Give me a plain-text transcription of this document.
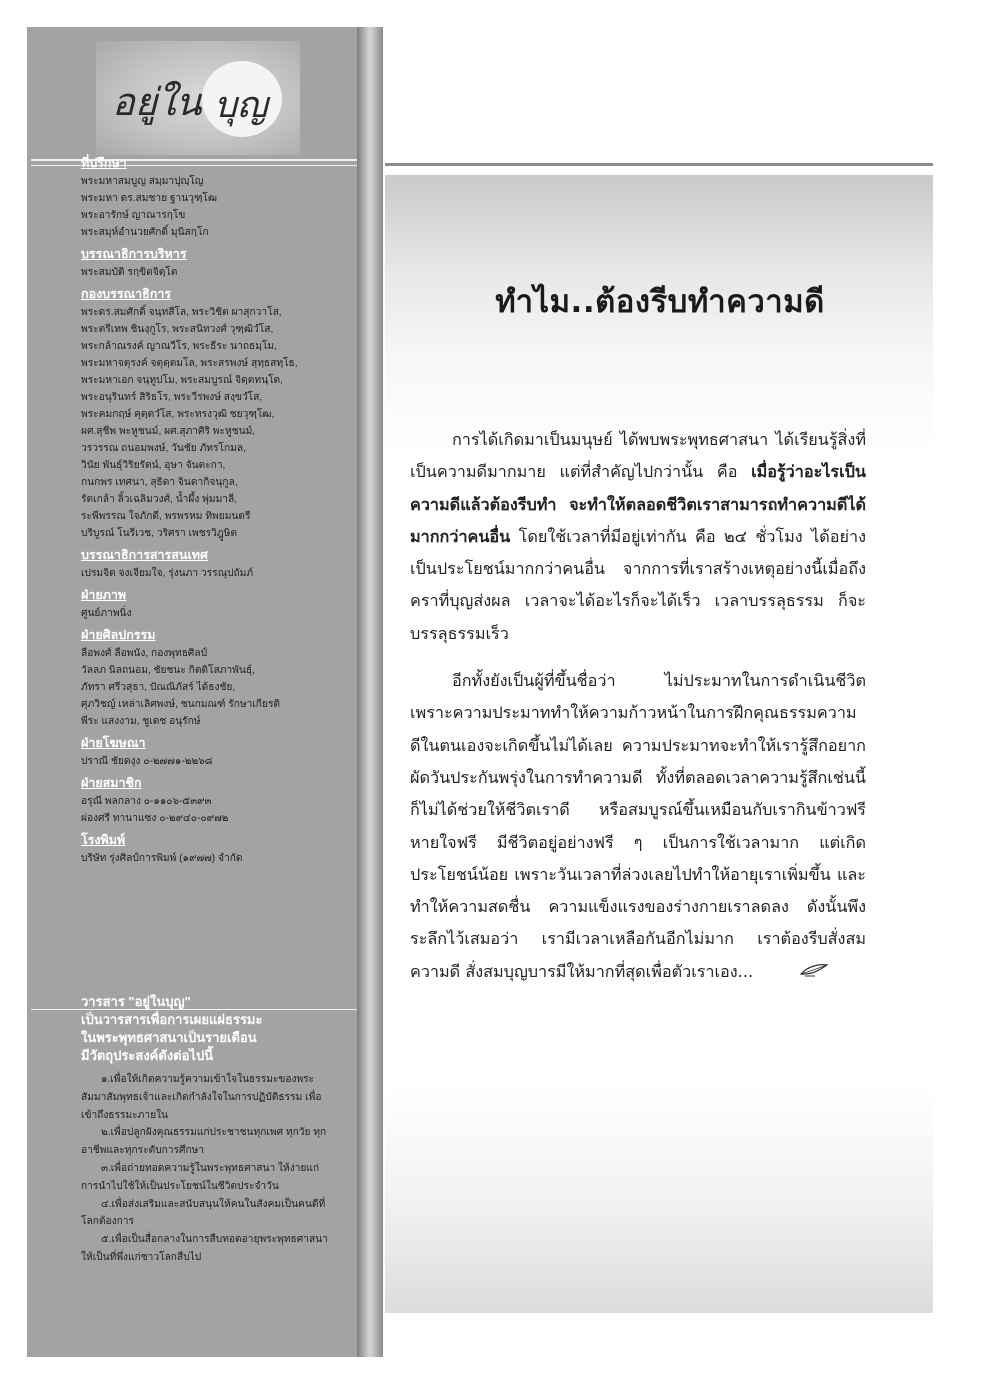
อยู่ใน บุญ
ที่ปรึกษา
พระมหาสมบูญ สมฺมาปุญฺโญ
พระมหา ดร.สมชาย ฐานวุฑฺโฒ
พระอารักษ์ ญาณารกฺโข
พระสมุห์อำนวยศักดิ์ มุนิสกฺโก
บรรณาธิการบริหาร
พระสมบัติ รกฺขิตจิตฺโต
กองบรรณาธิการ
พระดร.สมศักดิ์ จนฺทสีโล, พระวิชิต ผาสุกวาโส,
พระตรีเทพ ชินงฺกูโร, พระสนิทวงศ์ วุฑฺฒิวํโส,
พระกล้าณรงค์ ญาณวีโร, พระธีระ นาถธมฺโม,
พระมหาจตุรงค์ จตุตฺตมโล, พระสรพงษ์ สุทฺธสทฺโธ,
พระมหาเอก จนฺทูปโม, พระสมบูรณ์ จิตฺตทนฺโต,
พระอนุรินทร์ สิริธโร, พระวีรพงษ์ สงฺขวํโส,
พระคมกฤษ์ คุตฺตวํโส, พระทรงวุฒิ ชยวุฑฺโฒ,
ผศ.สุชีพ พะหูชนม์, ผศ.สุภาศิริ พะหูชนม์,
วรวรรณ ถนอมพงษ์, วันชัย ภัทรโกมล,
วินัย พันธุ์วิริยรัตน์, อุษา จันดะกา,
กนกพร เทศนา, สุธิดา จินดากิจนุกูล,
รัตเกล้า ลิ้วเฉลิมวงศ์, น้ำผึ้ง พุ่มมาลี,
ระพีพรรณ ใจภักดี, พรพรหม ทิพยมนตรี
บริบูรณ์ โนรีเวช, วริศรา เพชรวิฎูษิต
บรรณาธิการสารสนเทศ
เปรมจิต จงเจียมใจ, รุ่งนภา วรรณุปถัมภ์
ฝ่ายภาพ
ศูนย์ภาพนิ่ง
ฝ่ายศิลปกรรม
ลือพงศ์ ลือพนัง, กองพุทธศิลป์
วัลลภ นิลถนอม, ชัยชนะ กิตติโสภาพันธุ์,
ภัทรา ศรีวสุธา, ปัณณิภัสร์ ได้ธงชัย,
ศุภวิชญ์ เหล่าเลิศพงษ์, ชนกมณฑ์ รักษาเกียรติ
พีระ แสงงาม, ชูเดช อนุรักษ์
ฝ่ายโฆษณา
ปราณี ชัยดงุง ๐-๒๗๗๑-๒๒๖๘
ฝ่ายสมาชิก
อรุณี พลกลาง ๐-๑๑๐๖-๕๓๙๓
ผ่องศรี ทานาแซง ๐-๒๙๔๐-๐๙๗๒
โรงพิมพ์
บริษัท รุ่งศิลป์การพิมพ์ (๑๙๗๗) จำกัด
วารสาร "อยู่ในบุญ"
เป็นวารสารเพื่อการเผยแผ่ธรรมะ
ในพระพุทธศาสนาเป็นรายเดือน
มีวัตถุประสงค์ดังต่อไปนี้

๑.เพื่อให้เกิดความรู้ความเข้าใจในธรรมะของพระสัมมาสัมพุทธเจ้าและเกิดกำลังใจในการปฏิบัติธรรม เพื่อเข้าถึงธรรมะภายใน

๒.เพื่อปลูกฝังคุณธรรมแก่ประชาชนทุกเพศ ทุกวัย ทุกอาชีพและทุกระดับการศึกษา

๓.เพื่อถ่ายทอดความรู้ในพระพุทธศาสนา ให้ง่ายแก่การนำไปใช้ให้เป็นประโยชน์ในชีวิตประจำวัน

๔.เพื่อส่งเสริมและสนับสนุนให้คนในสังคมเป็นคนดีที่โลกต้องการ

๕.เพื่อเป็นสื่อกลางในการสืบทอดอายุพระพุทธศาสนาให้เป็นที่พึ่งแก่ชาวโลกสืบไป

ทำไม..ต้องรีบทำความดี

การได้เกิดมาเป็นมนุษย์ ได้พบพระพุทธศาสนา ได้เรียนรู้สิ่งที่เป็นความดีมากมาย แต่ที่สำคัญไปกว่านั้น คือ เมื่อรู้ว่าอะไรเป็นความดีแล้วต้องรีบทำ จะทำให้ตลอดชีวิตเราสามารถทำความดีได้มากกว่าคนอื่น โดยใช้เวลาที่มีอยู่เท่ากัน คือ ๒๔ ชั่วโมง ได้อย่างเป็นประโยชน์มากกว่าคนอื่น จากการที่เราสร้างเหตุอย่างนี้เมื่อถึงคราที่บุญส่งผล เวลาจะได้อะไรก็จะได้เร็ว เวลาบรรลุธรรม ก็จะบรรลุธรรมเร็ว

อีกทั้งยังเป็นผู้ที่ขึ้นชื่อว่า ไม่ประมาทในการดำเนินชีวิต เพราะความประมาททำให้ความก้าวหน้าในการฝึกคุณธรรมความดีในตนเองจะเกิดขึ้นไม่ได้เลย ความประมาทจะทำให้เรารู้สึกอยากผัดวันประกันพรุ่งในการทำความดี ทั้งที่ตลอดเวลาความรู้สึกเช่นนี้ ก็ไม่ได้ช่วยให้ชีวิตเราดี หรือสมบูรณ์ขึ้นเหมือนกับเรากินข้าวฟรี หายใจฟรี มีชีวิตอยู่อย่างฟรี ๆ เป็นการใช้เวลามาก แต่เกิดประโยชน์น้อย เพราะวันเวลาที่ล่วงเลยไปทำให้อายุเราเพิ่มขึ้น และทำให้ความสดชื่น ความแข็งแรงของร่างกายเราลดลง ดังนั้นพึงระลึกไว้เสมอว่า เรามีเวลาเหลือกันอีกไม่มาก เราต้องรีบสั่งสมความดี สั่งสมบุญบารมีให้มากที่สุดเพื่อตัวเราเอง...
